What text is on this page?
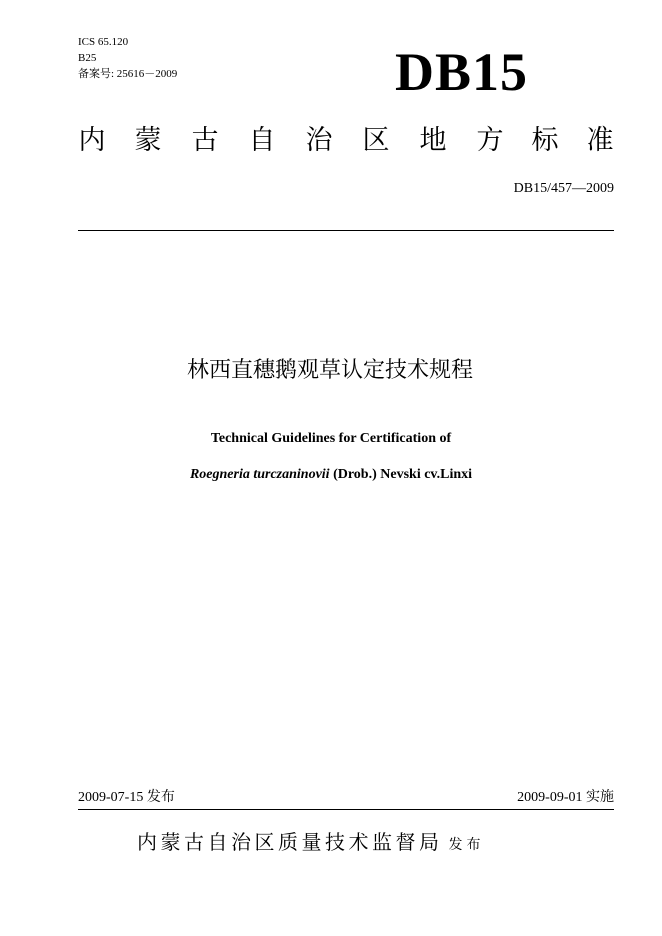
ICS 65.120
B25
备案号: 25616－2009	DB15
内 蒙 古 自 治 区 地 方 标 准
DB15/457—2009
林西直穗鹅观草认定技术规程
Technical Guidelines for Certification of
Roegneria turczaninovii (Drob.) Nevski cv.Linxi
2009-07-15 发布	2009-09-01 实施
内蒙古自治区质量技术监督局 发布
